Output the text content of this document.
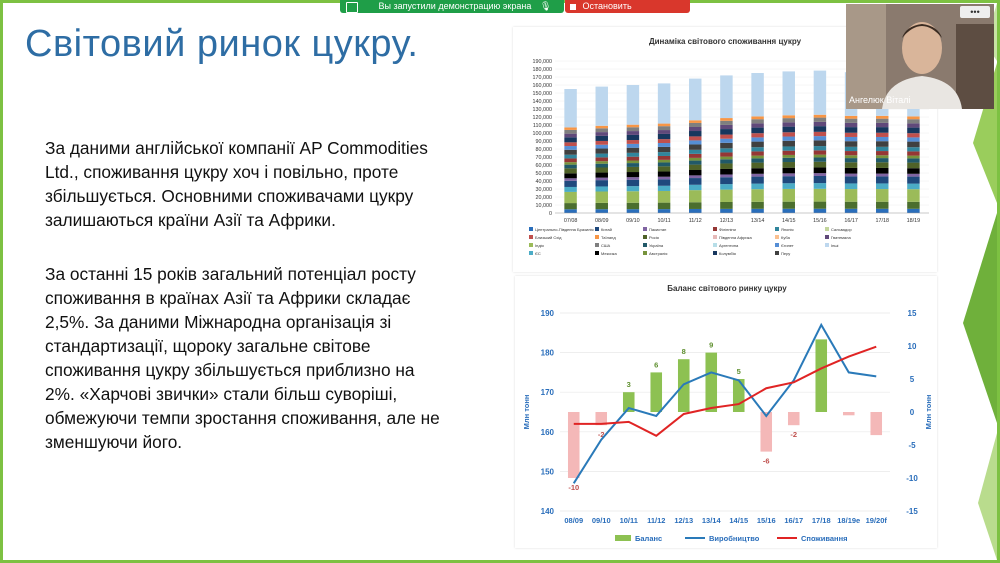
Світовий ринок цукру.
За даними англійської компанії AP Commodities Ltd., споживання цукру хоч і повільно, проте збільшується. Основними споживачами цукру залишаються країни Азії та Африки.
За останні 15 років загальний потенціал росту споживання в країнах Азії та Африки складає 2,5%. За даними Міжнародна організація зі стандартизації, щороку загальне світове споживання цукру збільшується приблизно на 2%. «Харчові звички» стали більш суворіші, обмежуючи темпи зростання споживання, але не зменшуючи його.
Динаміка світового споживання цукру
190,000
180,000
170,000
160,000
150,000
140,000
130,000
120,000
110,000
100,000
90,000
80,000
70,000
60,000
50,000
40,000
30,000
20,000
10,000
0
07/08	08/09	09/10	10/11	11/12	12/13	13/14	14/15	15/16	16/17	17/18	18/19
Центрально-Південна Бразилія
Близький Схід
Індія
ЄС
Китай
Таїланд
США
Мексика
Пакистан
Росія
Україна
Австралія
Філіппіни
Південна Африка
Аргентина
Колумбія
Японія
Куба
Єгипет
Перу
Сальвадор
Гватемала
Інші
Баланс світового ринку цукру
190
180
170
160
150
140
15
10
5
0
-5
-10
-15
Млн тонн	Млн тонн
-10
-2
3
6
8
9
5
-6
-2
08/09 09/10 10/11 11/12 12/13 13/14 14/15 15/16 16/17 17/18 18/19e 19/20f
Баланс	Виробництво	Споживання
Вы запустили демонстрацию экрана 🎙	Остановить демонстрацию
•••
Ангелюк Віталі
